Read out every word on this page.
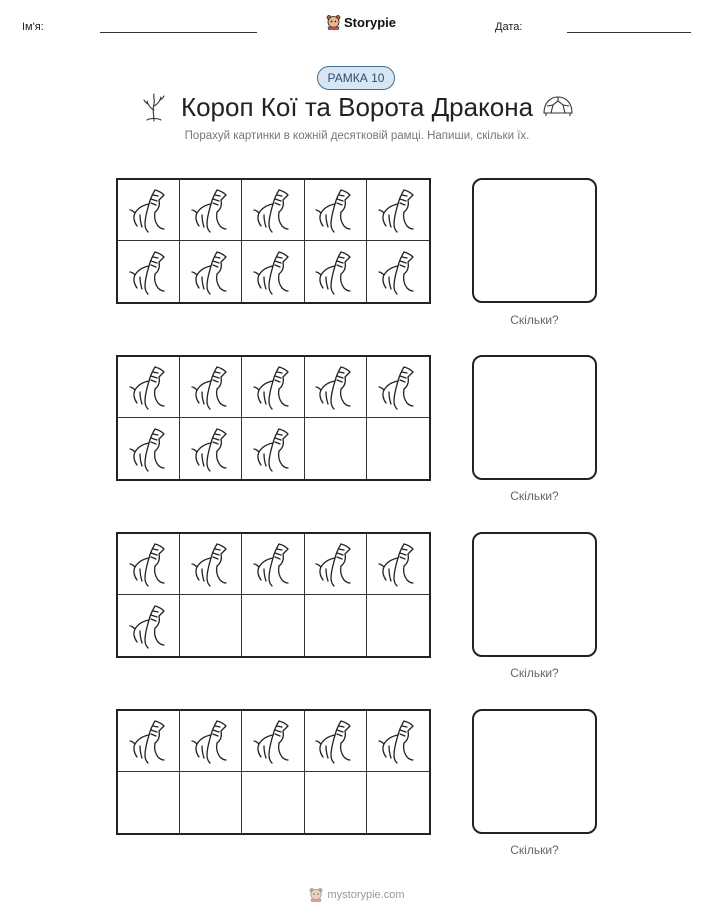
Ім'я:	Storypie	Дата:
РАМКА 10
Короп Кої та Ворота Дракона
Порахуй картинки в кожній десятковій рамці. Напиши, скільки їх.
Скільки?
Скільки?
Скільки?
Скільки?
mystorypie.com
